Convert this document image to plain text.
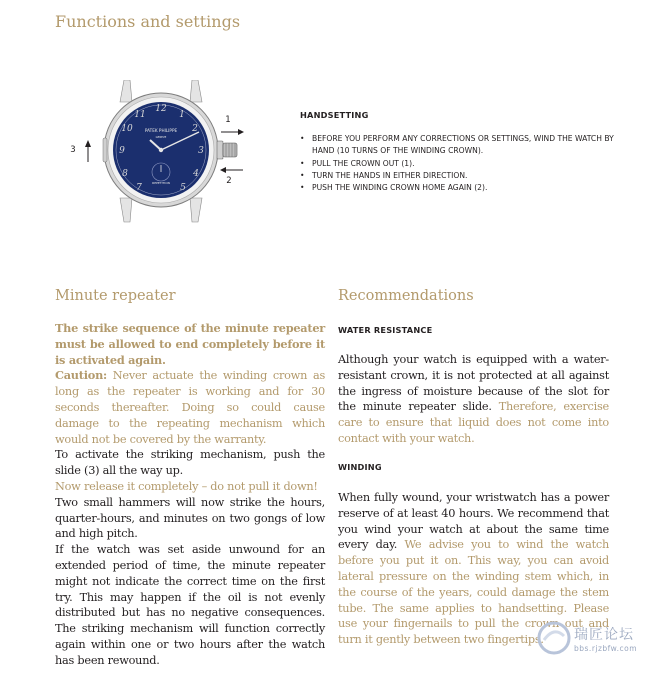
Functions and settings
12
1
2
3
4
5
7
8
9
10
11
PATEK PHILIPPE
GENEVE
REPETITION
1
2
3
HANDSETTING
• BEFORE YOU PERFORM ANY CORRECTIONS OR SETTINGS, WIND THE WATCH BY HAND (10 TURNS OF THE WINDING CROWN).
• PULL THE CROWN OUT (1).
• TURN THE HANDS IN EITHER DIRECTION.
• PUSH THE WINDING CROWN HOME AGAIN (2).
Minute repeater	Recommendations

The strike sequence of the minute repeater must be allowed to end completely before it is activated again.

Caution: Never actuate the winding crown as long as the repeater is working and for 30 seconds thereafter. Doing so could cause damage to the repeating mechanism which would not be covered by the warranty.

To activate the striking mechanism, push the slide (3) all the way up.

Now release it completely – do not pull it down!

Two small hammers will now strike the hours, quarter-hours, and minutes on two gongs of low and high pitch.

If the watch was set aside unwound for an extended period of time, the minute repeater might not indicate the correct time on the first try. This may happen if the oil is not evenly distributed but has no negative consequences. The striking mechanism will function correctly again within one or two hours after the watch has been rewound.

WATER RESISTANCE
Although your watch is equipped with a water-resistant crown, it is not protected at all against the ingress of moisture because of the slot for the minute repeater slide. Therefore, exercise care to ensure that liquid does not come into contact with your watch.
WINDING
When fully wound, your wristwatch has a power reserve of at least 40 hours. We recommend that you wind your watch at about the same time every day. We advise you to wind the watch before you put it on. This way, you can avoid lateral pressure on the winding stem which, in the course of the years, could damage the stem tube. The same applies to handsetting. Please use your fingernails to pull the crown out and turn it gently between two fingertips.	瑞匠论坛
bbs.rjzbfw.com
